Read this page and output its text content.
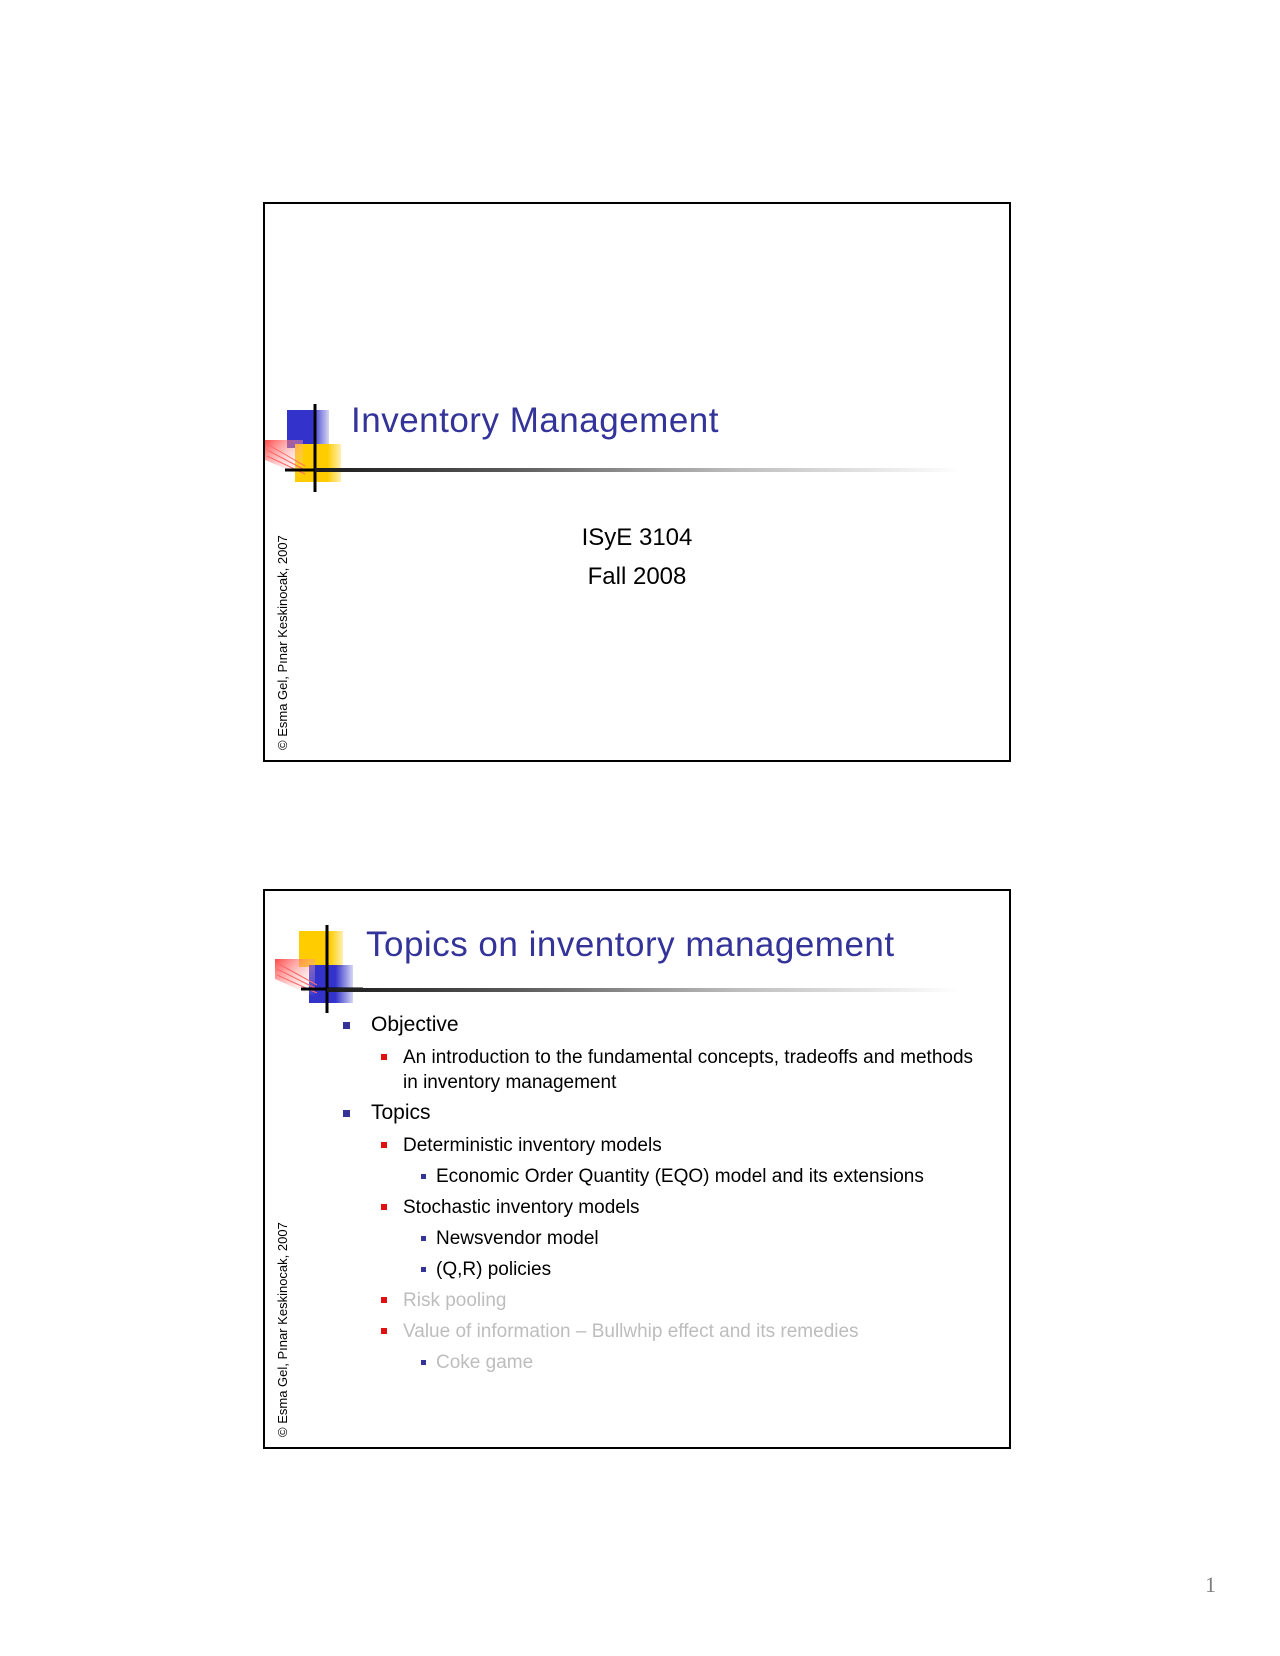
© Esma Gel, Pınar Keskinocak, 2007
Inventory Management
ISyE 3104
Fall 2008
© Esma Gel, Pınar Keskinocak, 2007
Topics on inventory management
Objective
An introduction to the fundamental concepts, tradeoffs and methods in inventory management
Topics
Deterministic inventory models
Economic Order Quantity (EQO) model and its extensions
Stochastic inventory models
Newsvendor model
(Q,R) policies
Risk pooling
Value of information – Bullwhip effect and its remedies
Coke game
1
